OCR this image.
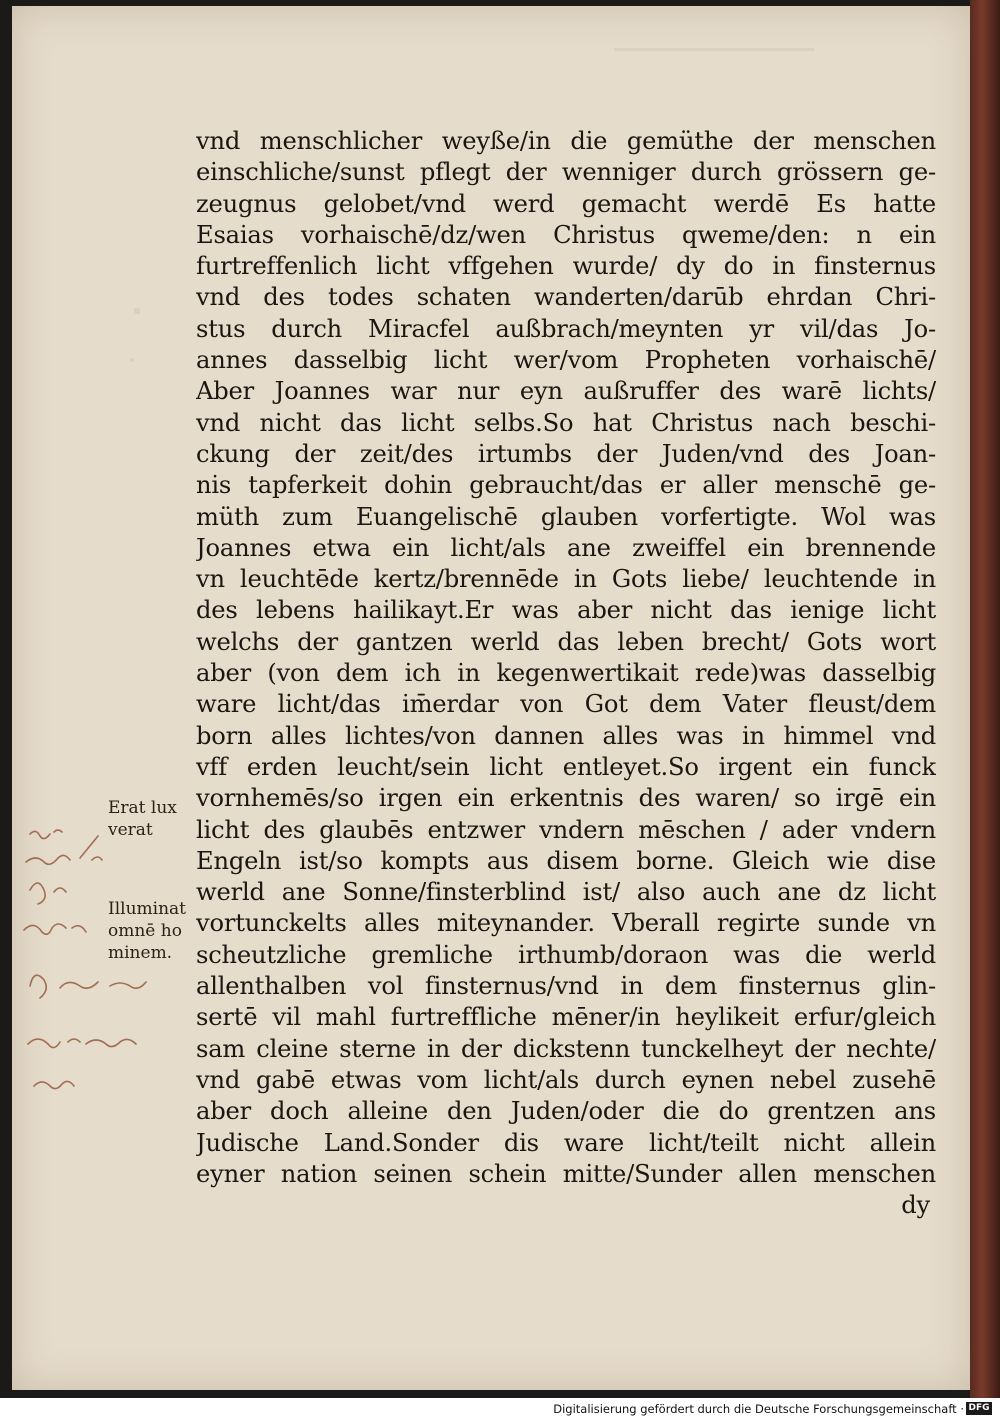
vnd menschlicher weyße/in die gemüthe der menschen
einschliche/sunst pflegt der wenniger durch grössern ge-
zeugnus gelobet/vnd werd gemacht werdē Es hatte
Esaias vorhaischē/dz/wen Christus qweme/den: n ein
furtreffenlich licht vffgehen wurde/ dy do in finsternus
vnd des todes schaten wanderten/darūb ehrdan Chri-
stus durch Miracfel außbrach/meynten yr vil/das Jo-
annes dasselbig licht wer/vom Propheten vorhaischē/
Aber Joannes war nur eyn außruffer des warē lichts/
vnd nicht das licht selbs.So hat Christus nach beschi-
ckung der zeit/des irtumbs der Juden/vnd des Joan-
nis tapferkeit dohin gebraucht/das er aller menschē ge-
müth zum Euangelischē glauben vorfertigte. Wol was
Joannes etwa ein licht/als ane zweiffel ein brennende
vn leuchtēde kertz/brennēde in Gots liebe/ leuchtende in
des lebens hailikayt.Er was aber nicht das ienige licht
welchs der gantzen werld das leben brecht/ Gots wort
aber (von dem ich in kegenwertikait rede)was dasselbig
ware licht/das im̄erdar von Got dem Vater fleust/dem
born alles lichtes/von dannen alles was in himmel vnd
vff erden leucht/sein licht entleyet.So irgent ein funck
vornhemēs/so irgen ein erkentnis des waren/ so irgē ein
licht des glaubēs entzwer vndern mēschen / ader vndern
Engeln ist/so kompts aus disem borne. Gleich wie dise
werld ane Sonne/finsterblind ist/ also auch ane dz licht
vortunckelts alles miteynander. Vberall regirte sunde vn
scheutzliche gremliche irthumb/doraon was die werld
allenthalben vol finsternus/vnd in dem finsternus glin-
sertē vil mahl furtreffliche mēner/in heylikeit erfur/gleich
sam cleine sterne in der dickstenn tunckelheyt der nechte/
vnd gabē etwas vom licht/als durch eynen nebel zusehē
aber doch alleine den Juden/oder die do grentzen ans
Judische Land.Sonder dis ware licht/teilt nicht allein
eyner nation seinen schein mitte/Sunder allen menschen
dy
Erat lux
verat
Illuminat
omnē ho
minem.
Digitalisierung gefördert durch die Deutsche Forschungsgemeinschaft · DFG
